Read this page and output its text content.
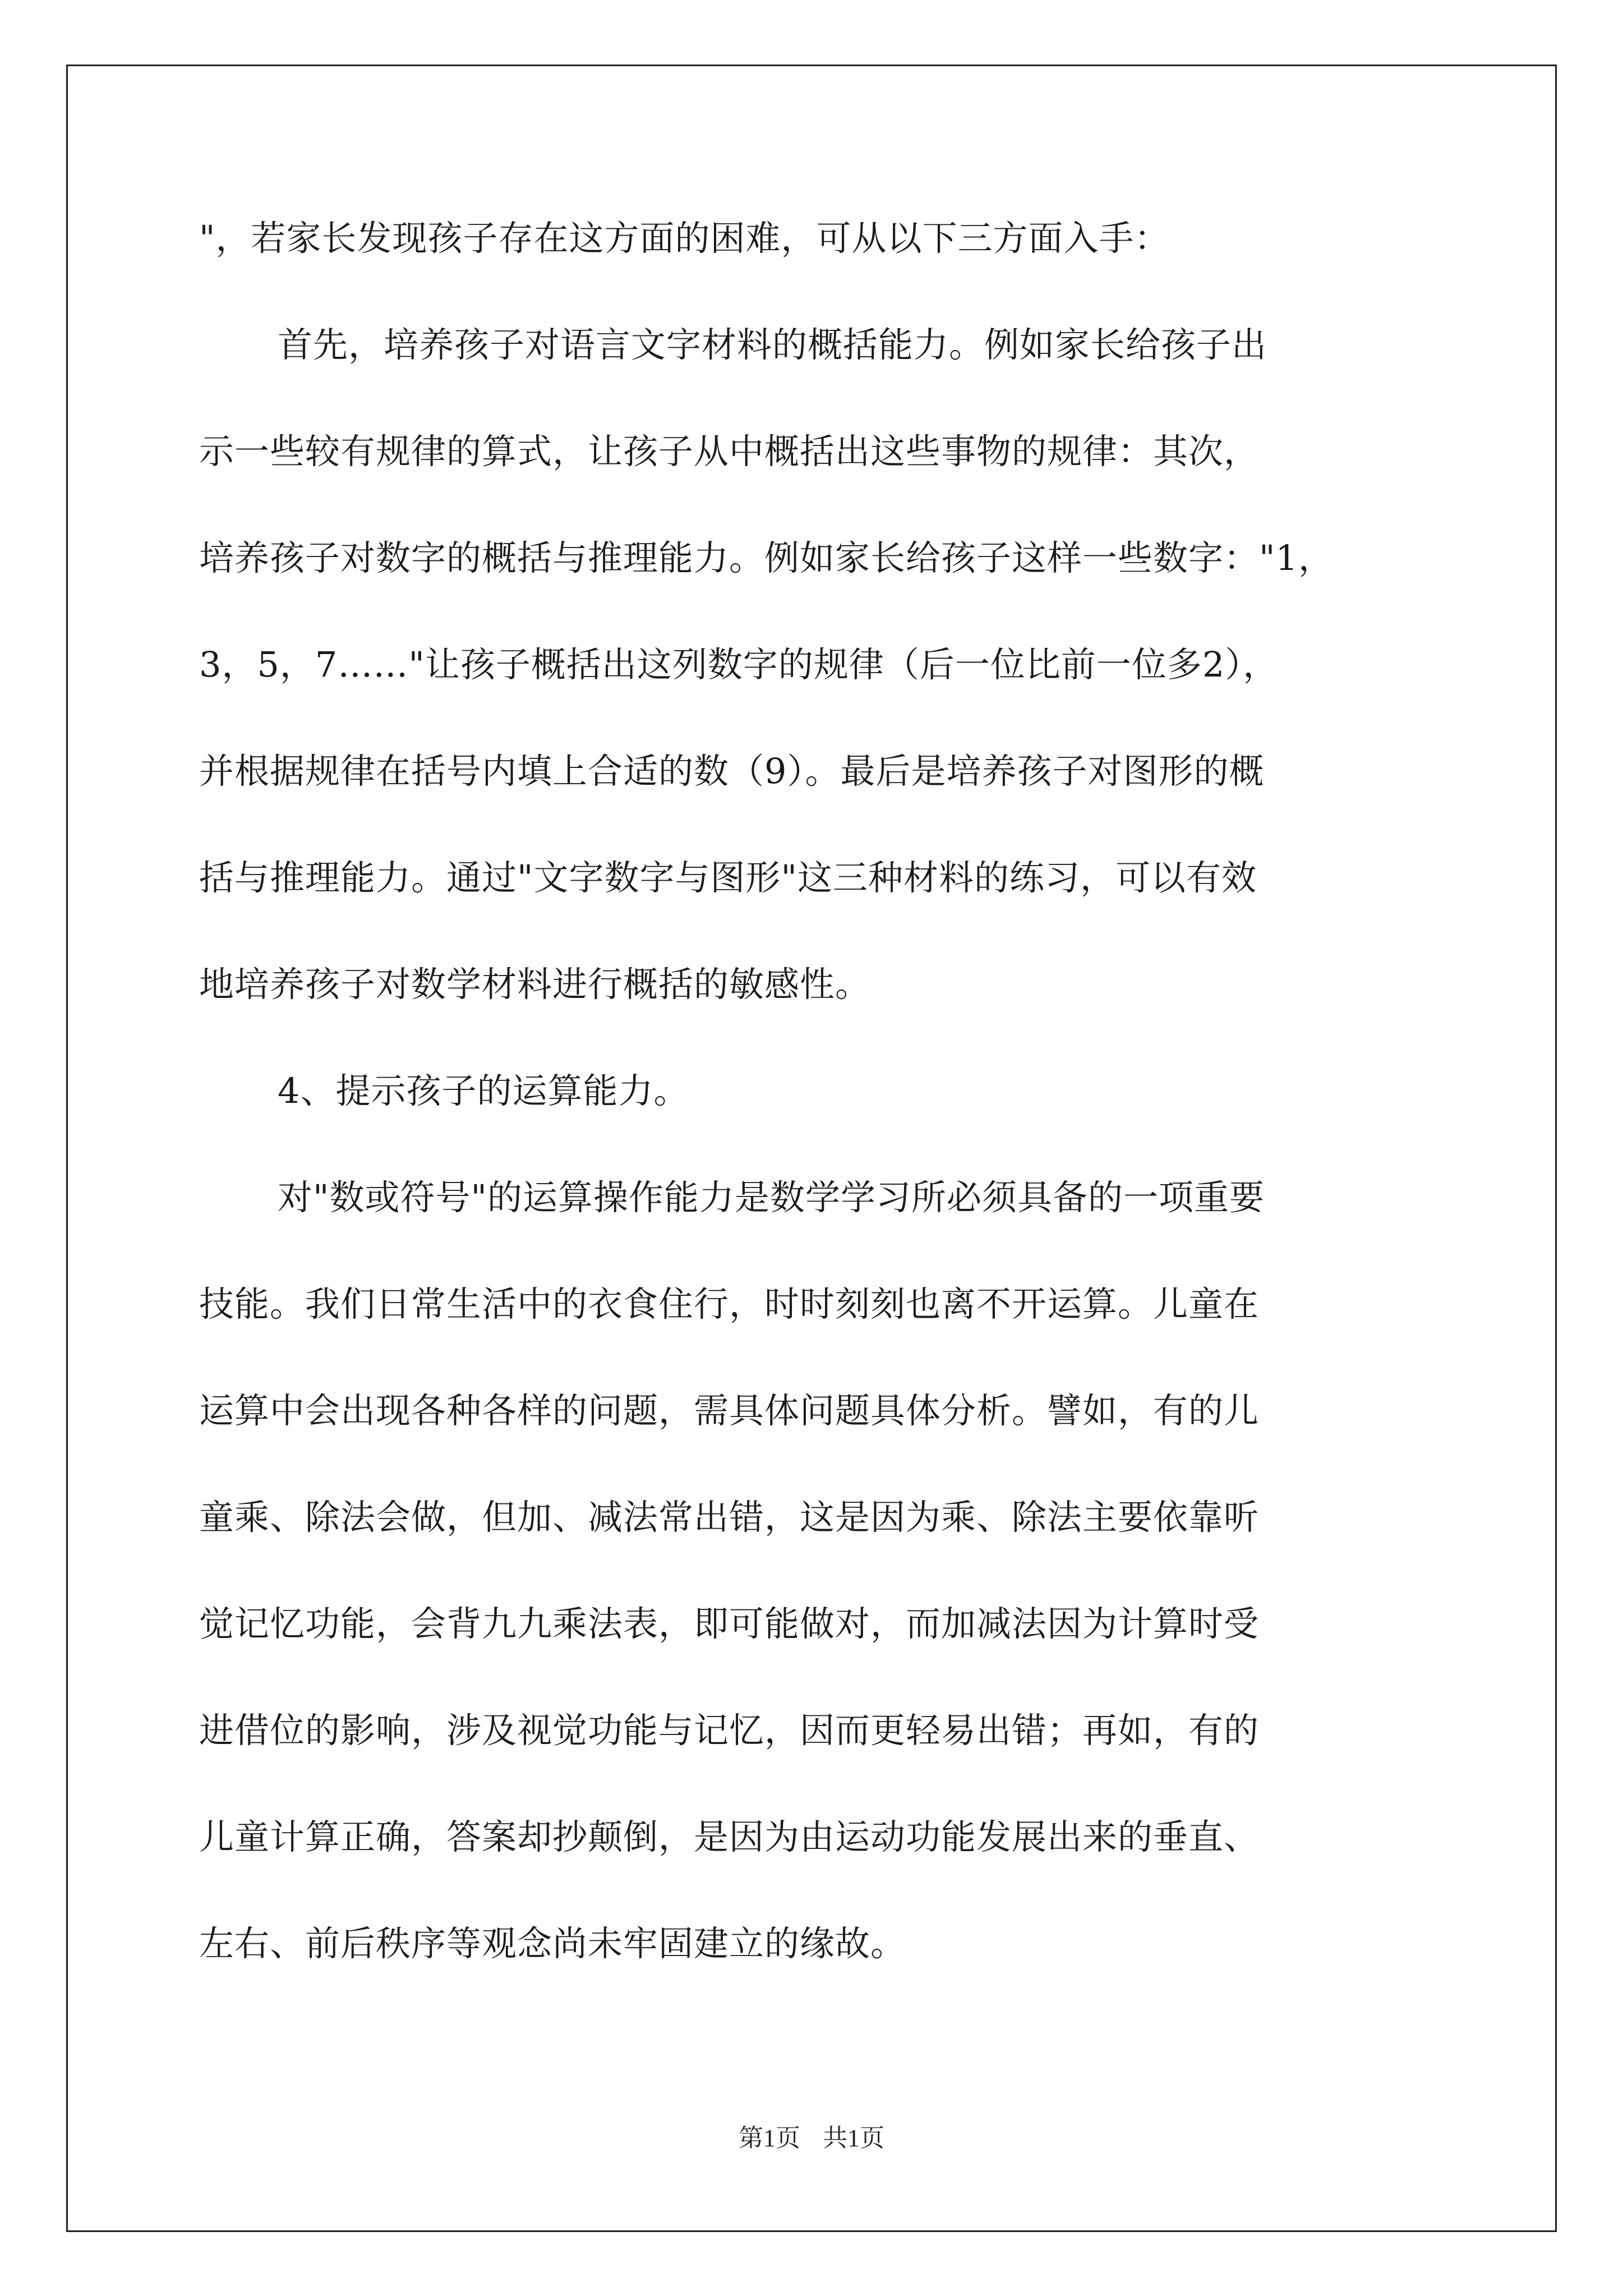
"，若家长发现孩子存在这方面的困难，可从以下三方面入手：
首先，培养孩子对语言文字材料的概括能力。例如家长给孩子出
示一些较有规律的算式，让孩子从中概括出这些事物的规律：其次，
培养孩子对数字的概括与推理能力。例如家长给孩子这样一些数字："1，
3，5，7……"让孩子概括出这列数字的规律（后一位比前一位多2），
并根据规律在括号内填上合适的数（9）。最后是培养孩子对图形的概
括与推理能力。通过"文字数字与图形"这三种材料的练习，可以有效
地培养孩子对数学材料进行概括的敏感性。
4、提示孩子的运算能力。
对"数或符号"的运算操作能力是数学学习所必须具备的一项重要
技能。我们日常生活中的衣食住行，时时刻刻也离不开运算。儿童在
运算中会出现各种各样的问题，需具体问题具体分析。譬如，有的儿
童乘、除法会做，但加、减法常出错，这是因为乘、除法主要依靠听
觉记忆功能，会背九九乘法表，即可能做对，而加减法因为计算时受
进借位的影响，涉及视觉功能与记忆，因而更轻易出错；再如，有的
儿童计算正确，答案却抄颠倒，是因为由运动功能发展出来的垂直、
左右、前后秩序等观念尚未牢固建立的缘故。
第1页 共1页
